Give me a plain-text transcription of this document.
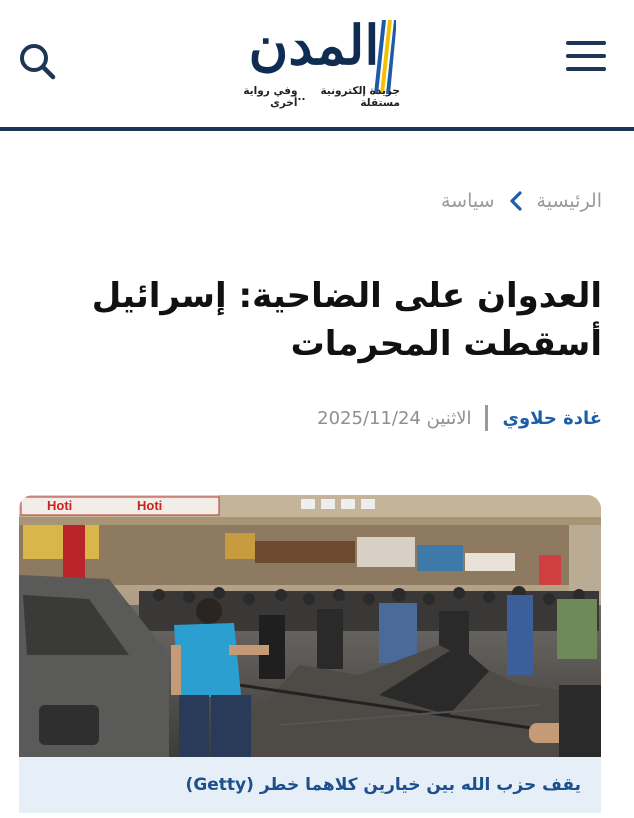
المدن
جريدة إلكترونية مستقلة
..
وفي رواية أخرى
الرئيسية
سياسة
العدوان على الضاحية: إسرائيل أسقطت المحرمات
غادة حلاوي
الاثنين 2025/11/24
Hoti	Hoti

يقف حزب الله بين خيارين كلاهما خطر (Getty)
